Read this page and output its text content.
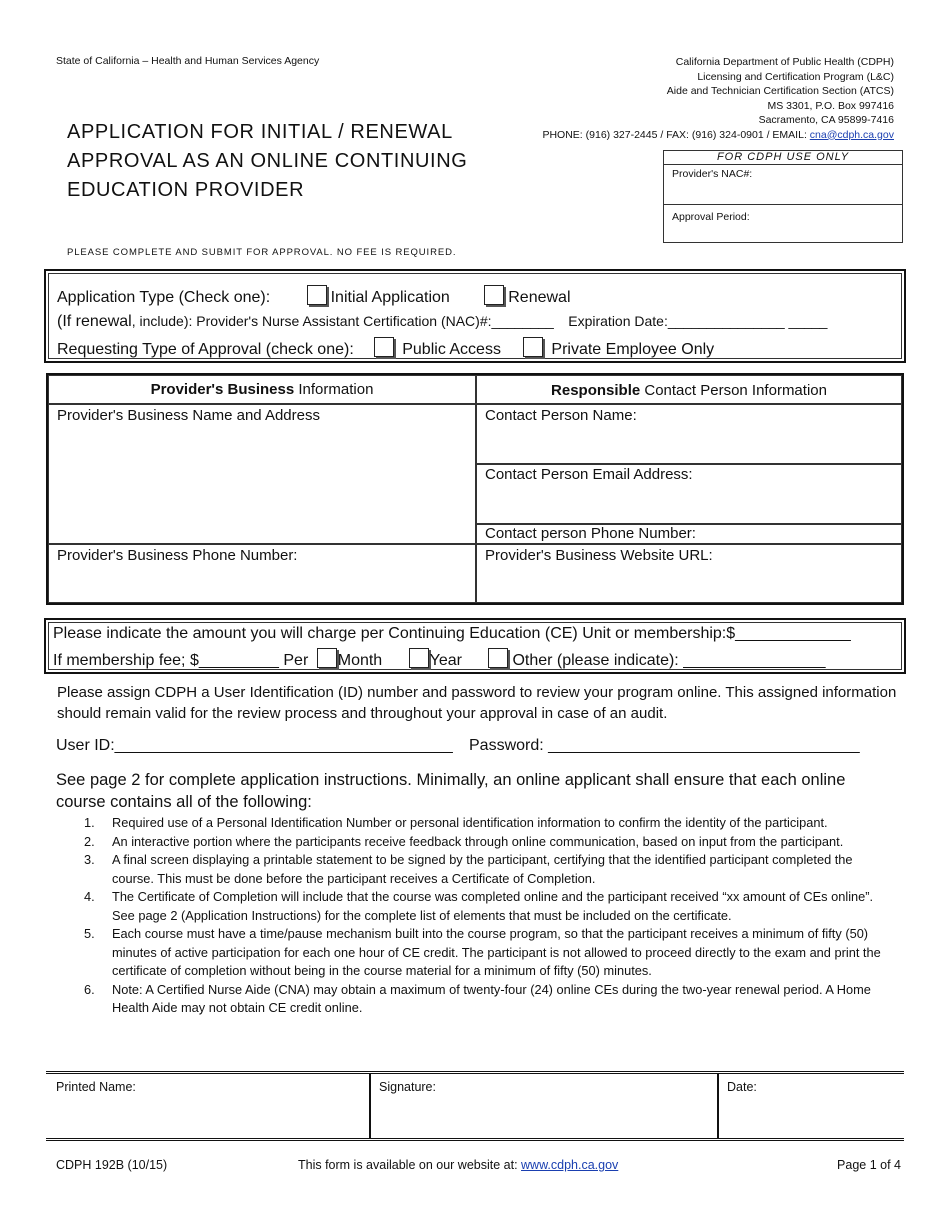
State of California – Health and Human Services Agency	California Department of Public Health (CDPH)
Licensing and Certification Program (L&C)
Aide and Technician Certification Section (ATCS)
MS 3301, P.O. Box 997416
Sacramento, CA 95899-7416
PHONE: (916) 327-2445 / FAX: (916) 324-0901 / EMAIL: cna@cdph.ca.gov
APPLICATION FOR INITIAL / RENEWAL
APPROVAL AS AN ONLINE CONTINUING
EDUCATION PROVIDER
FOR CDPH USE ONLY
Provider's NAC#:
Approval Period:
PLEASE COMPLETE AND SUBMIT FOR APPROVAL. NO FEE IS REQUIRED.
Application Type (Check one):	Initial Application	Renewal
(If renewal, include): Provider's Nurse Assistant Certification (NAC)#:________ Expiration Date:_______________ _____
Requesting Type of Approval (check one):	Public Access	Private Employee Only
Provider's Business Information	Responsible Contact Person Information
Provider's Business Name and Address	Contact Person Name:
Contact Person Email Address:
Contact person Phone Number:
Provider's Business Phone Number:	Provider's Business Website URL:
Please indicate the amount you will charge per Continuing Education (CE) Unit or membership:$_____________
If membership fee; $_________ Per Month	Year	Other (please indicate): ________________
Please assign CDPH a User Identification (ID) number and password to review your program online. This assigned information should remain valid for the review process and throughout your approval in case of an audit.
User ID:______________________________________ Password: ___________________________________
See page 2 for complete application instructions. Minimally, an online applicant shall ensure that each online course contains all of the following:
1.	Required use of a Personal Identification Number or personal identification information to confirm the identity of the participant.
2.	An interactive portion where the participants receive feedback through online communication, based on input from the participant.
3.	A final screen displaying a printable statement to be signed by the participant, certifying that the identified participant completed the course. This must be done before the participant receives a Certificate of Completion.
4.	The Certificate of Completion will include that the course was completed online and the participant received “xx amount of CEs online”. See page 2 (Application Instructions) for the complete list of elements that must be included on the certificate.
5.	Each course must have a time/pause mechanism built into the course program, so that the participant receives a minimum of fifty (50) minutes of active participation for each one hour of CE credit. The participant is not allowed to proceed directly to the exam and print the certificate of completion without being in the course material for a minimum of fifty (50) minutes.
6.	Note: A Certified Nurse Aide (CNA) may obtain a maximum of twenty-four (24) online CEs during the two-year renewal period. A Home Health Aide may not obtain CE credit online.
Printed Name:	Signature:	Date:
CDPH 192B (10/15)	This form is available on our website at: www.cdph.ca.gov	Page 1 of 4
